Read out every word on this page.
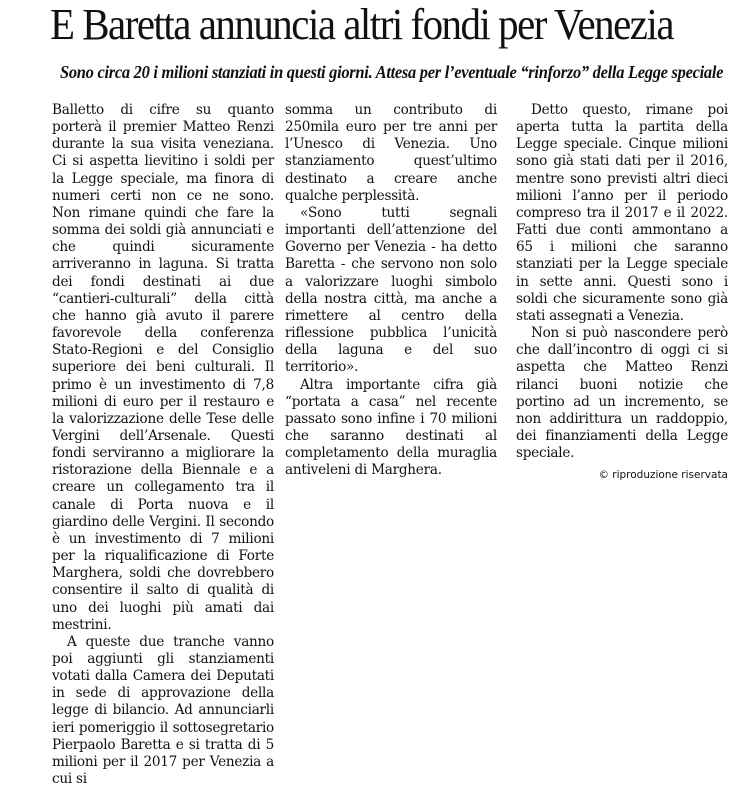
E Baretta annuncia altri fondi per Venezia
Sono circa 20 i milioni stanziati in questi giorni. Attesa per l’eventuale “rinforzo” della Legge speciale

Balletto di cifre su quanto porterà il premier Matteo Renzi durante la sua visita veneziana. Ci si aspetta lievitino i soldi per la Legge speciale, ma finora di numeri certi non ce ne sono. Non rimane quindi che fare la somma dei soldi già annunciati e che quindi sicuramente arriveranno in laguna. Si tratta dei fondi destinati ai due “cantieri-culturali” della città che hanno già avuto il parere favorevole della conferenza Stato-Regioni e del Consiglio superiore dei beni culturali. Il primo è un investimento di 7,8 milioni di euro per il restauro e la valorizzazione delle Tese delle Vergini dell’Arsenale. Questi fondi serviranno a migliorare la ristorazione della Biennale e a creare un collegamento tra il canale di Porta nuova e il giardino delle Vergini. Il secondo è un investimento di 7 milioni per la riqualificazione di Forte Marghera, soldi che dovrebbero consentire il salto di qualità di uno dei luoghi più amati dai mestrini.

A queste due tranche vanno poi aggiunti gli stanziamenti votati dalla Camera dei Deputati in sede di approvazione della legge di bilancio. Ad annunciarli ieri pomeriggio il sottosegretario Pierpaolo Baretta e si tratta di 5 milioni per il 2017 per Venezia a cui si

somma un contributo di 250mila euro per tre anni per l’Unesco di Venezia. Uno stanziamento quest’ultimo destinato a creare anche qualche perplessità.

«Sono tutti segnali importanti dell’attenzione del Governo per Venezia - ha detto Baretta - che servono non solo a valorizzare luoghi simbolo della nostra città, ma anche a rimettere al centro della riflessione pubblica l’unicità della laguna e del suo territorio».

Altra importante cifra già “portata a casa” nel recente passato sono infine i 70 milioni che saranno destinati al completamento della muraglia antiveleni di Marghera.

Detto questo, rimane poi aperta tutta la partita della Legge speciale. Cinque milioni sono già stati dati per il 2016, mentre sono previsti altri dieci milioni l’anno per il periodo compreso tra il 2017 e il 2022. Fatti due conti ammontano a 65 i milioni che saranno stanziati per la Legge speciale in sette anni. Questi sono i soldi che sicuramente sono già stati assegnati a Venezia.

Non si può nascondere però che dall’incontro di oggi ci si aspetta che Matteo Renzi rilanci buoni notizie che portino ad un incremento, se non addirittura un raddoppio, dei finanziamenti della Legge speciale.

© riproduzione riservata
